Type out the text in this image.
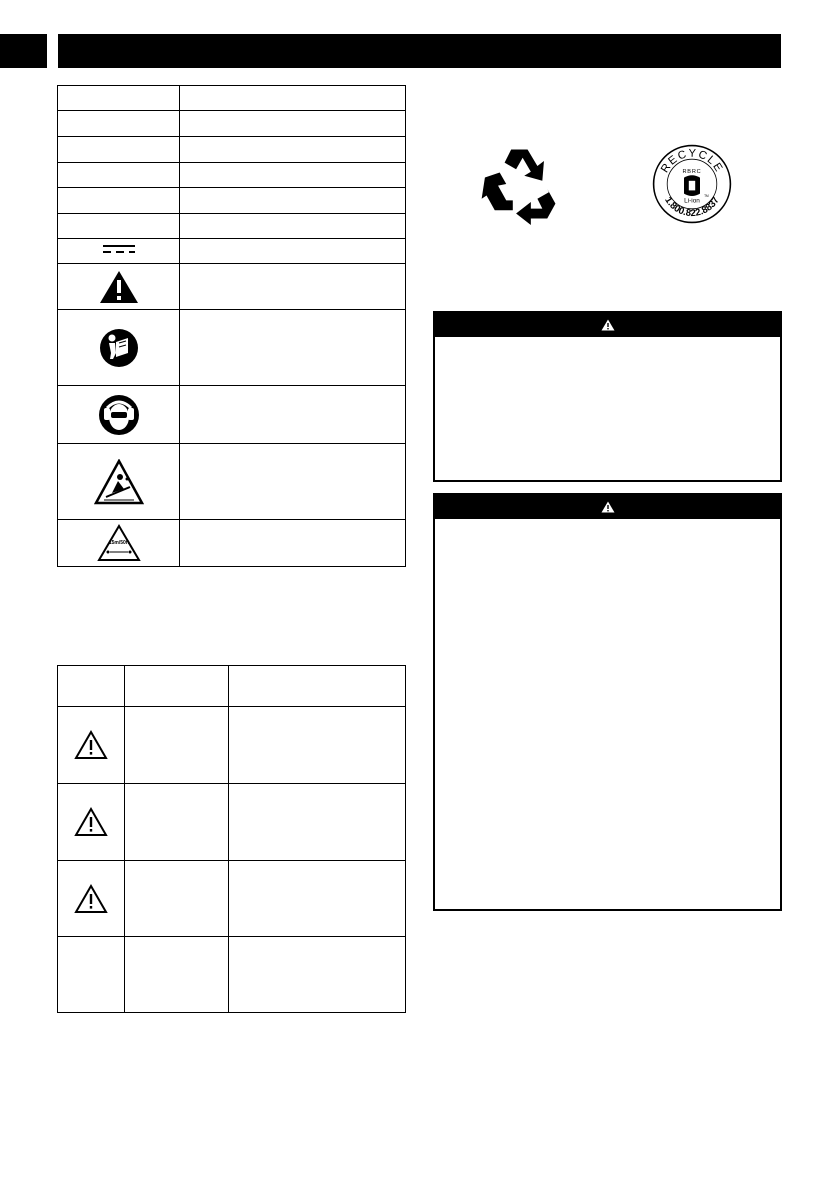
15m/50ft	

RECYCLE
1.800.822.8837
RBRC
Li-ion
TM
